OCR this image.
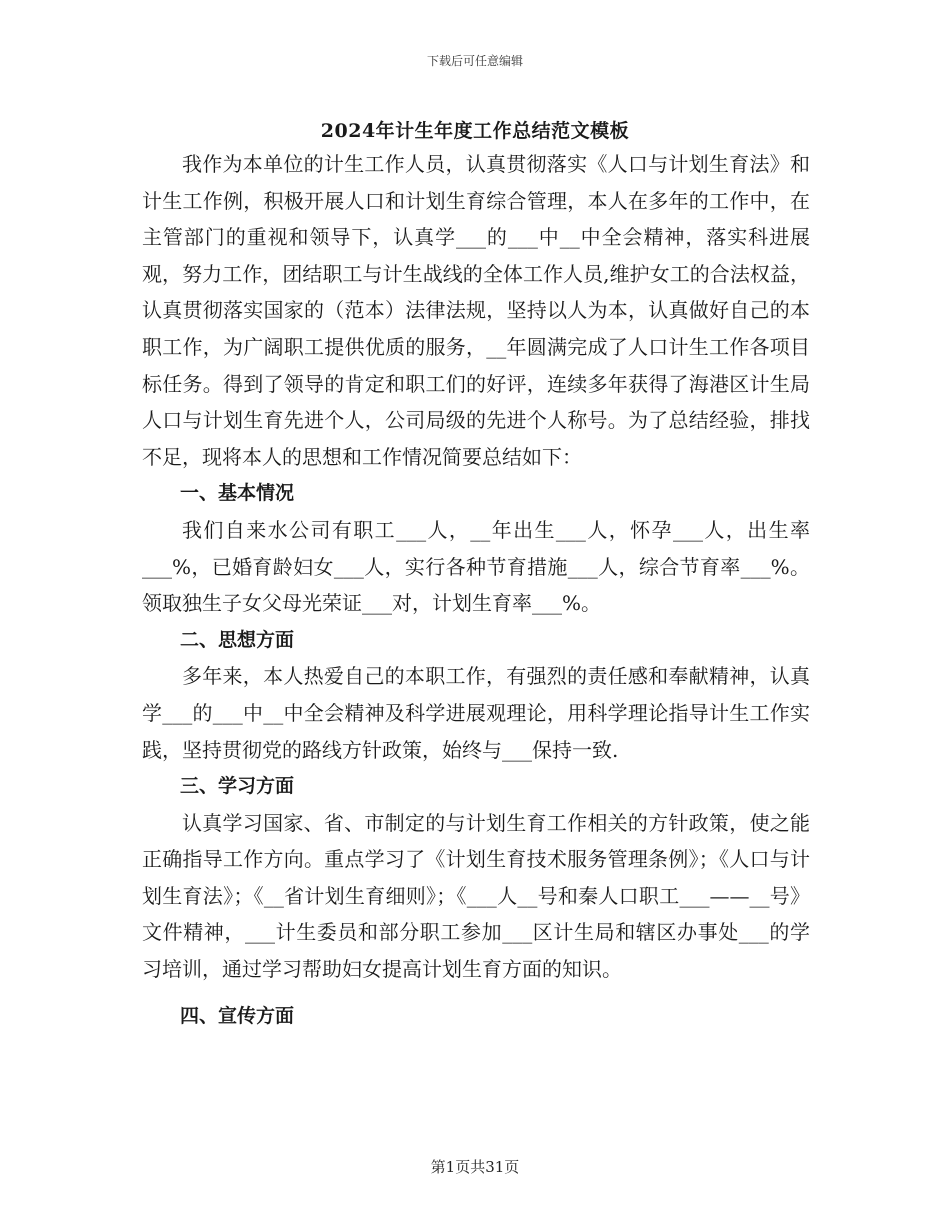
下载后可任意编辑
2024年计生年度工作总结范文模板

我作为本单位的计生工作人员，认真贯彻落实《人口与计划生育法》和计生工作例，积极开展人口和计划生育综合管理，本人在多年的工作中，在主管部门的重视和领导下，认真学___的___中__中全会精神，落实科进展观，努力工作，团结职工与计生战线的全体工作人员,维护女工的合法权益，认真贯彻落实国家的（范本）法律法规，坚持以人为本，认真做好自己的本职工作，为广阔职工提供优质的服务，__年圆满完成了人口计生工作各项目标任务。得到了领导的肯定和职工们的好评，连续多年获得了海港区计生局人口与计划生育先进个人，公司局级的先进个人称号。为了总结经验，排找不足，现将本人的思想和工作情况简要总结如下：

一、基本情况

我们自来水公司有职工___人，__年出生___人，怀孕___人，出生率___%，已婚育龄妇女___人，实行各种节育措施___人，综合节育率___%。领取独生子女父母光荣证___对，计划生育率___%。

二、思想方面

多年来，本人热爱自己的本职工作，有强烈的责任感和奉献精神，认真学___的___中__中全会精神及科学进展观理论，用科学理论指导计生工作实践，坚持贯彻党的路线方针政策，始终与___保持一致.

三、学习方面

认真学习国家、省、市制定的与计划生育工作相关的方针政策，使之能正确指导工作方向。重点学习了《计划生育技术服务管理条例》；《人口与计划生育法》；《__省计划生育细则》；《___人__号和秦人口职工___——__号》文件精神，___计生委员和部分职工参加___区计生局和辖区办事处___的学习培训，通过学习帮助妇女提高计划生育方面的知识。

四、宣传方面

第1页共31页
